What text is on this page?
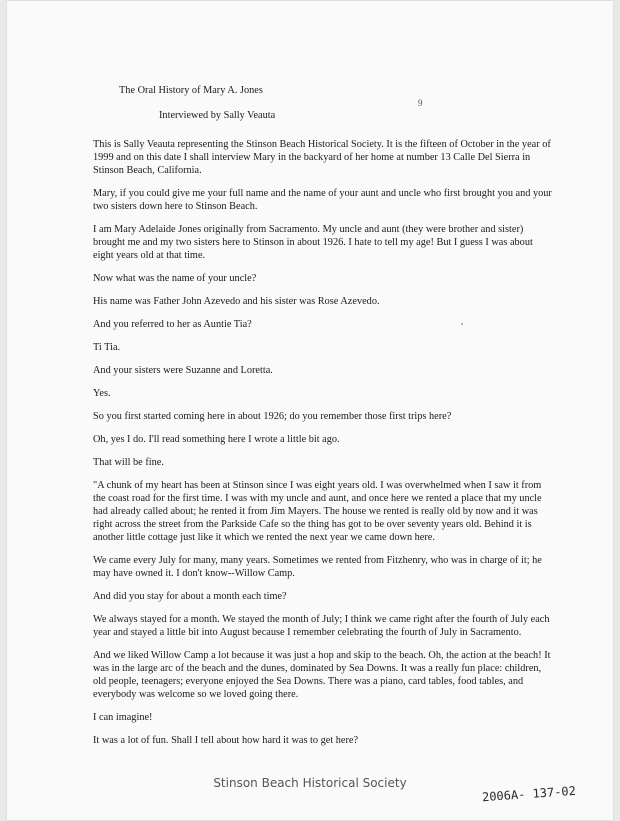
The Oral History of Mary A. Jones

Interviewed by Sally Veauta

This is Sally Veauta representing the Stinson Beach Historical Society. It is the fifteen of October in the year of 1999 and on this date I shall interview Mary in the backyard of her home at number 13 Calle Del Sierra in Stinson Beach, California.

Mary, if you could give me your full name and the name of your aunt and uncle who first brought you and your two sisters down here to Stinson Beach.

I am Mary Adelaide Jones originally from Sacramento. My uncle and aunt (they were brother and sister) brought me and my two sisters here to Stinson in about 1926. I hate to tell my age! But I guess I was about eight years old at that time.

Now what was the name of your uncle?

His name was Father John Azevedo and his sister was Rose Azevedo.

And you referred to her as Auntie Tia?

Ti Tia.

And your sisters were Suzanne and Loretta.

Yes.

So you first started coming here in about 1926; do you remember those first trips here?

Oh, yes I do. I'll read something here I wrote a little bit ago.

That will be fine.

"A chunk of my heart has been at Stinson since I was eight years old. I was overwhelmed when I saw it from the coast road for the first time. I was with my uncle and aunt, and once here we rented a place that my uncle had already called about; he rented it from Jim Mayers. The house we rented is really old by now and it was right across the street from the Parkside Cafe so the thing has got to be over seventy years old. Behind it is another little cottage just like it which we rented the next year we came down here.

We came every July for many, many years. Sometimes we rented from Fitzhenry, who was in charge of it; he may have owned it. I don't know--Willow Camp.

And did you stay for about a month each time?

We always stayed for a month. We stayed the month of July; I think we came right after the fourth of July each year and stayed a little bit into August because I remember celebrating the fourth of July in Sacramento.

And we liked Willow Camp a lot because it was just a hop and skip to the beach. Oh, the action at the beach! It was in the large arc of the beach and the dunes, dominated by Sea Downs. It was a really fun place: children, old people, teenagers; everyone enjoyed the Sea Downs. There was a piano, card tables, food tables, and everybody was welcome so we loved going there.

I can imagine!

It was a lot of fun. Shall I tell about how hard it was to get here?

9
Stinson Beach Historical Society
2006A- 137-02
